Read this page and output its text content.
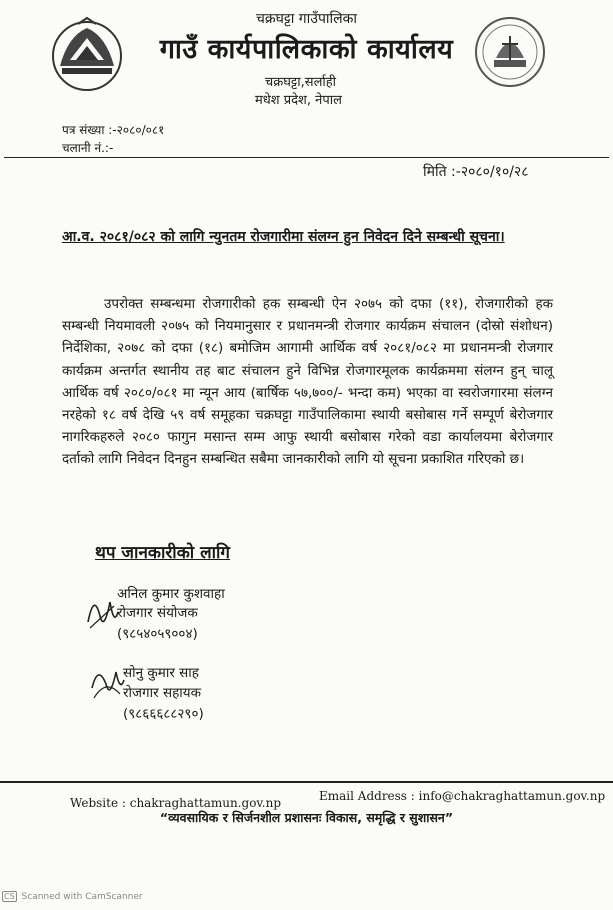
चक्रघट्टा गाउँपालिका
गाउँ कार्यपालिकाको कार्यालय
चक्रघट्टा,सर्लाही
मधेश प्रदेश, नेपाल
पत्र संख्या :-२०८०/०८१
चलानी नं.:-
मिति :-२०८०/१०/२८
आ.व. २०८१/०८२ को लागि न्युनतम रोजगारीमा संलग्न हुन निवेदन दिने सम्बन्धी सूचना।

उपरोक्त सम्बन्धमा रोजगारीको हक सम्बन्धी ऐन २०७५ को दफा (११), रोजगारीको हक सम्बन्धी नियमावली २०७५ को नियमानुसार र प्रधानमन्त्री रोजगार कार्यक्रम संचालन (दोस्रो संशोधन) निर्देशिका, २०७८ को दफा (१८) बमोजिम आगामी आर्थिक वर्ष २०८१/०८२ मा प्रधानमन्त्री रोजगार कार्यक्रम अन्तर्गत स्थानीय तह बाट संचालन हुने विभिन्न रोजगारमूलक कार्यक्रममा संलग्न हुन् चालू आर्थिक वर्ष २०८०/०८१ मा न्यून आय (बार्षिक ५७,७००/- भन्दा कम) भएका वा स्वरोजगारमा संलग्न नरहेको १८ वर्ष देखि ५९ वर्ष समूहका चक्रघट्टा गाउँपालिकामा स्थायी बसोबास गर्ने सम्पूर्ण बेरोजगार नागरिकहरुले २०८० फागुन मसान्त सम्म आफु स्थायी बसोबास गरेको वडा कार्यालयमा बेरोजगार दर्ताको लागि निवेदन दिनहुन सम्बन्धित सबैमा जानकारीको लागि यो सूचना प्रकाशित गरिएको छ।

थप जानकारीको लागि
अनिल कुमार कुशवाहा
रोजगार संयोजक
(९८५४०५९००४)
सोनु कुमार साह
रोजगार सहायक
(९८६६६८८२९०)
Website : chakraghattamun.gov.np	Email Address : info@chakraghattamun.gov.np
“व्यवसायिक र सिर्जनशील प्रशासनः विकास, समृद्धि र सुशासन”
CS Scanned with CamScanner
